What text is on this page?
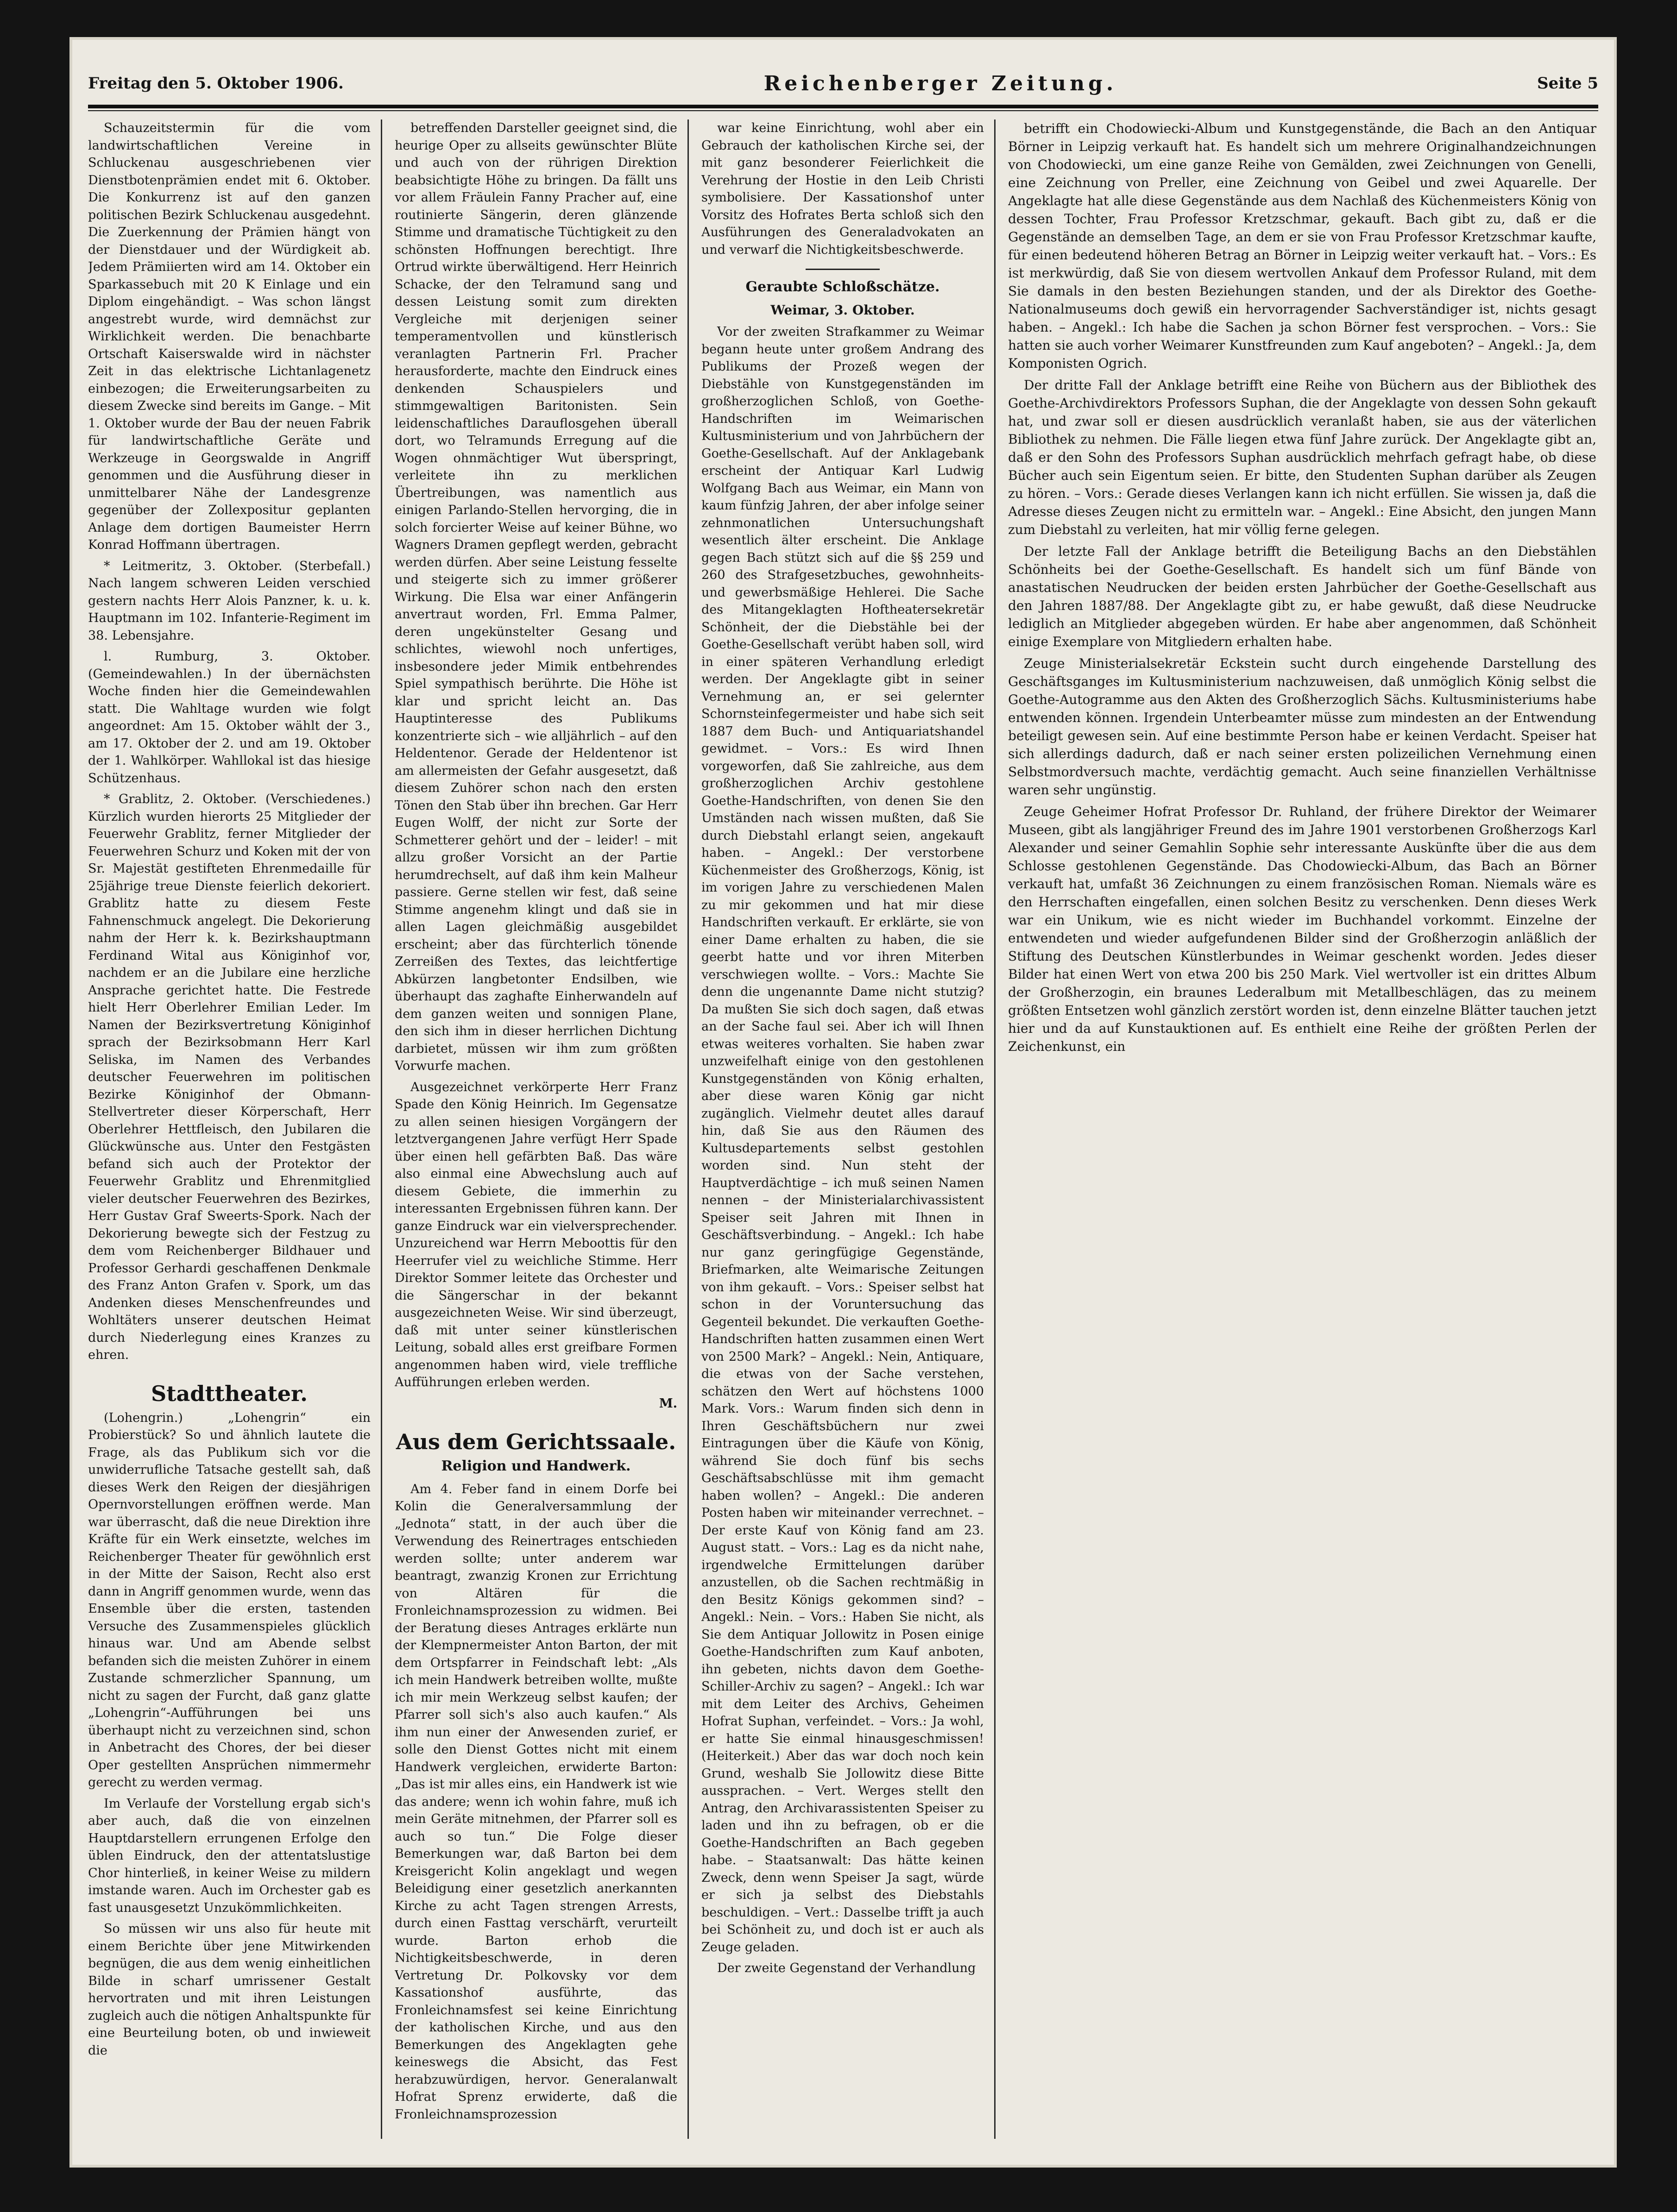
Freitag den 5. Oktober 1906.	Reichenberger Zeitung.	Seite 5

Schauzeitstermin für die vom landwirtschaftlichen Vereine in Schluckenau ausgeschriebenen vier Dienstbotenprämien endet mit 6. Oktober. Die Konkurrenz ist auf den ganzen politischen Bezirk Schluckenau ausgedehnt. Die Zuerkennung der Prämien hängt von der Dienstdauer und der Würdigkeit ab. Jedem Prämiierten wird am 14. Oktober ein Sparkassebuch mit 20 K Einlage und ein Diplom eingehändigt. – Was schon längst angestrebt wurde, wird demnächst zur Wirklichkeit werden. Die benachbarte Ortschaft Kaiserswalde wird in nächster Zeit in das elektrische Lichtanlagenetz einbezogen; die Erweiterungsarbeiten zu diesem Zwecke sind bereits im Gange. – Mit 1. Oktober wurde der Bau der neuen Fabrik für landwirtschaftliche Geräte und Werkzeuge in Georgswalde in Angriff genommen und die Ausführung dieser in unmittelbarer Nähe der Landesgrenze gegenüber der Zollexpositur geplanten Anlage dem dortigen Baumeister Herrn Konrad Hoffmann übertragen.

* Leitmeritz, 3. Oktober. (Sterbefall.) Nach langem schweren Leiden verschied gestern nachts Herr Alois Panzner, k. u. k. Hauptmann im 102. Infanterie-Regiment im 38. Lebensjahre.

l. Rumburg, 3. Oktober. (Gemeindewahlen.) In der übernächsten Woche finden hier die Gemeindewahlen statt. Die Wahltage wurden wie folgt angeordnet: Am 15. Oktober wählt der 3., am 17. Oktober der 2. und am 19. Oktober der 1. Wahlkörper. Wahllokal ist das hiesige Schützenhaus.

* Grablitz, 2. Oktober. (Verschiedenes.) Kürzlich wurden hierorts 25 Mitglieder der Feuerwehr Grablitz, ferner Mitglieder der Feuerwehren Schurz und Koken mit der von Sr. Majestät gestifteten Ehrenmedaille für 25jährige treue Dienste feierlich dekoriert. Grablitz hatte zu diesem Feste Fahnenschmuck angelegt. Die Dekorierung nahm der Herr k. k. Bezirkshauptmann Ferdinand Wital aus Königinhof vor, nachdem er an die Jubilare eine herzliche Ansprache gerichtet hatte. Die Festrede hielt Herr Oberlehrer Emilian Leder. Im Namen der Bezirksvertretung Königinhof sprach der Bezirksobmann Herr Karl Seliska, im Namen des Verbandes deutscher Feuerwehren im politischen Bezirke Königinhof der Obmann-Stellvertreter dieser Körperschaft, Herr Oberlehrer Hettfleisch, den Jubilaren die Glückwünsche aus. Unter den Festgästen befand sich auch der Protektor der Feuerwehr Grablitz und Ehrenmitglied vieler deutscher Feuerwehren des Bezirkes, Herr Gustav Graf Sweerts-Spork. Nach der Dekorierung bewegte sich der Festzug zu dem vom Reichenberger Bildhauer und Professor Gerhardi geschaffenen Denkmale des Franz Anton Grafen v. Spork, um das Andenken dieses Menschenfreundes und Wohltäters unserer deutschen Heimat durch Niederlegung eines Kranzes zu ehren.

Stadttheater.

(Lohengrin.) „Lohengrin“ ein Probierstück? So und ähnlich lautete die Frage, als das Publikum sich vor die unwiderrufliche Tatsache gestellt sah, daß dieses Werk den Reigen der diesjährigen Opernvorstellungen eröffnen werde. Man war überrascht, daß die neue Direktion ihre Kräfte für ein Werk einsetzte, welches im Reichenberger Theater für gewöhnlich erst in der Mitte der Saison, Recht also erst dann in Angriff genommen wurde, wenn das Ensemble über die ersten, tastenden Versuche des Zusammenspieles glücklich hinaus war. Und am Abende selbst befanden sich die meisten Zuhörer in einem Zustande schmerzlicher Spannung, um nicht zu sagen der Furcht, daß ganz glatte „Lohengrin“-Aufführungen bei uns überhaupt nicht zu verzeichnen sind, schon in Anbetracht des Chores, der bei dieser Oper gestellten Ansprüchen nimmermehr gerecht zu werden vermag.

Im Verlaufe der Vorstellung ergab sich's aber auch, daß die von einzelnen Hauptdarstellern errungenen Erfolge den üblen Eindruck, den der attentatslustige Chor hinterließ, in keiner Weise zu mildern imstande waren. Auch im Orchester gab es fast unausgesetzt Unzukömmlichkeiten.

So müssen wir uns also für heute mit einem Berichte über jene Mitwirkenden begnügen, die aus dem wenig einheitlichen Bilde in scharf umrissener Gestalt hervortraten und mit ihren Leistungen zugleich auch die nötigen Anhaltspunkte für eine Beurteilung boten, ob und inwieweit die

betreffenden Darsteller geeignet sind, die heurige Oper zu allseits gewünschter Blüte und auch von der rührigen Direktion beabsichtigte Höhe zu bringen. Da fällt uns vor allem Fräulein Fanny Pracher auf, eine routinierte Sängerin, deren glänzende Stimme und dramatische Tüchtigkeit zu den schönsten Hoffnungen berechtigt. Ihre Ortrud wirkte überwältigend. Herr Heinrich Schacke, der den Telramund sang und dessen Leistung somit zum direkten Vergleiche mit derjenigen seiner temperamentvollen und künstlerisch veranlagten Partnerin Frl. Pracher herausforderte, machte den Eindruck eines denkenden Schauspielers und stimmgewaltigen Baritonisten. Sein leidenschaftliches Darauflosgehen überall dort, wo Telramunds Erregung auf die Wogen ohnmächtiger Wut überspringt, verleitete ihn zu merklichen Übertreibungen, was namentlich aus einigen Parlando-Stellen hervorging, die in solch forcierter Weise auf keiner Bühne, wo Wagners Dramen gepflegt werden, gebracht werden dürfen. Aber seine Leistung fesselte und steigerte sich zu immer größerer Wirkung. Die Elsa war einer Anfängerin anvertraut worden, Frl. Emma Palmer, deren ungekünstelter Gesang und schlichtes, wiewohl noch unfertiges, insbesondere jeder Mimik entbehrendes Spiel sympathisch berührte. Die Höhe ist klar und spricht leicht an. Das Hauptinteresse des Publikums konzentrierte sich – wie alljährlich – auf den Heldentenor. Gerade der Heldentenor ist am allermeisten der Gefahr ausgesetzt, daß diesem Zuhörer schon nach den ersten Tönen den Stab über ihn brechen. Gar Herr Eugen Wolff, der nicht zur Sorte der Schmetterer gehört und der – leider! – mit allzu großer Vorsicht an der Partie herumdrechselt, auf daß ihm kein Malheur passiere. Gerne stellen wir fest, daß seine Stimme angenehm klingt und daß sie in allen Lagen gleichmäßig ausgebildet erscheint; aber das fürchterlich tönende Zerreißen des Textes, das leichtfertige Abkürzen langbetonter Endsilben, wie überhaupt das zaghafte Einherwandeln auf dem ganzen weiten und sonnigen Plane, den sich ihm in dieser herrlichen Dichtung darbietet, müssen wir ihm zum größten Vorwurfe machen.

Ausgezeichnet verkörperte Herr Franz Spade den König Heinrich. Im Gegensatze zu allen seinen hiesigen Vorgängern der letztvergangenen Jahre verfügt Herr Spade über einen hell gefärbten Baß. Das wäre also einmal eine Abwechslung auch auf diesem Gebiete, die immerhin zu interessanten Ergebnissen führen kann. Der ganze Eindruck war ein vielversprechender. Unzureichend war Herrn Meboottis für den Heerrufer viel zu weichliche Stimme. Herr Direktor Sommer leitete das Orchester und die Sängerschar in der bekannt ausgezeichneten Weise. Wir sind überzeugt, daß mit unter seiner künstlerischen Leitung, sobald alles erst greifbare Formen angenommen haben wird, viele treffliche Aufführungen erleben werden.

M.
Aus dem Gerichtssaale.
Religion und Handwerk.

Am 4. Feber fand in einem Dorfe bei Kolin die Generalversammlung der „Jednota“ statt, in der auch über die Verwendung des Reinertrages entschieden werden sollte; unter anderem war beantragt, zwanzig Kronen zur Errichtung von Altären für die Fronleichnamsprozession zu widmen. Bei der Beratung dieses Antrages erklärte nun der Klempnermeister Anton Barton, der mit dem Ortspfarrer in Feindschaft lebt: „Als ich mein Handwerk betreiben wollte, mußte ich mir mein Werkzeug selbst kaufen; der Pfarrer soll sich's also auch kaufen.“ Als ihm nun einer der Anwesenden zurief, er solle den Dienst Gottes nicht mit einem Handwerk vergleichen, erwiderte Barton: „Das ist mir alles eins, ein Handwerk ist wie das andere; wenn ich wohin fahre, muß ich mein Geräte mitnehmen, der Pfarrer soll es auch so tun.“ Die Folge dieser Bemerkungen war, daß Barton bei dem Kreisgericht Kolin angeklagt und wegen Beleidigung einer gesetzlich anerkannten Kirche zu acht Tagen strengen Arrests, durch einen Fasttag verschärft, verurteilt wurde. Barton erhob die Nichtigkeitsbeschwerde, in deren Vertretung Dr. Polkovsky vor dem Kassationshof ausführte, das Fronleichnamsfest sei keine Einrichtung der katholischen Kirche, und aus den Bemerkungen des Angeklagten gehe keineswegs die Absicht, das Fest herabzuwürdigen, hervor. Generalanwalt Hofrat Sprenz erwiderte, daß die Fronleichnamsprozession

war keine Einrichtung, wohl aber ein Gebrauch der katholischen Kirche sei, der mit ganz besonderer Feierlichkeit die Verehrung der Hostie in den Leib Christi symbolisiere. Der Kassationshof unter Vorsitz des Hofrates Berta schloß sich den Ausführungen des Generaladvokaten an und verwarf die Nichtigkeitsbeschwerde.

Geraubte Schloßschätze.
Weimar, 3. Oktober.

Vor der zweiten Strafkammer zu Weimar begann heute unter großem Andrang des Publikums der Prozeß wegen der Diebstähle von Kunstgegenständen im großherzoglichen Schloß, von Goethe-Handschriften im Weimarischen Kultusministerium und von Jahrbüchern der Goethe-Gesellschaft. Auf der Anklagebank erscheint der Antiquar Karl Ludwig Wolfgang Bach aus Weimar, ein Mann von kaum fünfzig Jahren, der aber infolge seiner zehnmonatlichen Untersuchungshaft wesentlich älter erscheint. Die Anklage gegen Bach stützt sich auf die §§ 259 und 260 des Strafgesetzbuches, gewohnheits- und gewerbsmäßige Hehlerei. Die Sache des Mitangeklagten Hoftheatersekretär Schönheit, der die Diebstähle bei der Goethe-Gesellschaft verübt haben soll, wird in einer späteren Verhandlung erledigt werden. Der Angeklagte gibt in seiner Vernehmung an, er sei gelernter Schornsteinfegermeister und habe sich seit 1887 dem Buch- und Antiquariatshandel gewidmet. – Vors.: Es wird Ihnen vorgeworfen, daß Sie zahlreiche, aus dem großherzoglichen Archiv gestohlene Goethe-Handschriften, von denen Sie den Umständen nach wissen mußten, daß Sie durch Diebstahl erlangt seien, angekauft haben. – Angekl.: Der verstorbene Küchenmeister des Großherzogs, König, ist im vorigen Jahre zu verschiedenen Malen zu mir gekommen und hat mir diese Handschriften verkauft. Er erklärte, sie von einer Dame erhalten zu haben, die sie geerbt hatte und vor ihren Miterben verschwiegen wollte. – Vors.: Machte Sie denn die ungenannte Dame nicht stutzig? Da mußten Sie sich doch sagen, daß etwas an der Sache faul sei. Aber ich will Ihnen etwas weiteres vorhalten. Sie haben zwar unzweifelhaft einige von den gestohlenen Kunstgegenständen von König erhalten, aber diese waren König gar nicht zugänglich. Vielmehr deutet alles darauf hin, daß Sie aus den Räumen des Kultusdepartements selbst gestohlen worden sind. Nun steht der Hauptverdächtige – ich muß seinen Namen nennen – der Ministerialarchivassistent Speiser seit Jahren mit Ihnen in Geschäftsverbindung. – Angekl.: Ich habe nur ganz geringfügige Gegenstände, Briefmarken, alte Weimarische Zeitungen von ihm gekauft. – Vors.: Speiser selbst hat schon in der Voruntersuchung das Gegenteil bekundet. Die verkauften Goethe-Handschriften hatten zusammen einen Wert von 2500 Mark? – Angekl.: Nein, Antiquare, die etwas von der Sache verstehen, schätzen den Wert auf höchstens 1000 Mark. Vors.: Warum finden sich denn in Ihren Geschäftsbüchern nur zwei Eintragungen über die Käufe von König, während Sie doch fünf bis sechs Geschäftsabschlüsse mit ihm gemacht haben wollen? – Angekl.: Die anderen Posten haben wir miteinander verrechnet. – Der erste Kauf von König fand am 23. August statt. – Vors.: Lag es da nicht nahe, irgendwelche Ermittelungen darüber anzustellen, ob die Sachen rechtmäßig in den Besitz Königs gekommen sind? – Angekl.: Nein. – Vors.: Haben Sie nicht, als Sie dem Antiquar Jollowitz in Posen einige Goethe-Handschriften zum Kauf anboten, ihn gebeten, nichts davon dem Goethe-Schiller-Archiv zu sagen? – Angekl.: Ich war mit dem Leiter des Archivs, Geheimen Hofrat Suphan, verfeindet. – Vors.: Ja wohl, er hatte Sie einmal hinausgeschmissen! (Heiterkeit.) Aber das war doch noch kein Grund, weshalb Sie Jollowitz diese Bitte aussprachen. – Vert. Werges stellt den Antrag, den Archivarassistenten Speiser zu laden und ihn zu befragen, ob er die Goethe-Handschriften an Bach gegeben habe. – Staatsanwalt: Das hätte keinen Zweck, denn wenn Speiser Ja sagt, würde er sich ja selbst des Diebstahls beschuldigen. – Vert.: Dasselbe trifft ja auch bei Schönheit zu, und doch ist er auch als Zeuge geladen.

Der zweite Gegenstand der Verhandlung

betrifft ein Chodowiecki-Album und Kunstgegenstände, die Bach an den Antiquar Börner in Leipzig verkauft hat. Es handelt sich um mehrere Originalhandzeichnungen von Chodowiecki, um eine ganze Reihe von Gemälden, zwei Zeichnungen von Genelli, eine Zeichnung von Preller, eine Zeichnung von Geibel und zwei Aquarelle. Der Angeklagte hat alle diese Gegenstände aus dem Nachlaß des Küchenmeisters König von dessen Tochter, Frau Professor Kretzschmar, gekauft. Bach gibt zu, daß er die Gegenstände an demselben Tage, an dem er sie von Frau Professor Kretzschmar kaufte, für einen bedeutend höheren Betrag an Börner in Leipzig weiter verkauft hat. – Vors.: Es ist merkwürdig, daß Sie von diesem wertvollen Ankauf dem Professor Ruland, mit dem Sie damals in den besten Beziehungen standen, und der als Direktor des Goethe-Nationalmuseums doch gewiß ein hervorragender Sachverständiger ist, nichts gesagt haben. – Angekl.: Ich habe die Sachen ja schon Börner fest versprochen. – Vors.: Sie hatten sie auch vorher Weimarer Kunstfreunden zum Kauf angeboten? – Angekl.: Ja, dem Komponisten Ogrich.

Der dritte Fall der Anklage betrifft eine Reihe von Büchern aus der Bibliothek des Goethe-Archivdirektors Professors Suphan, die der Angeklagte von dessen Sohn gekauft hat, und zwar soll er diesen ausdrücklich veranlaßt haben, sie aus der väterlichen Bibliothek zu nehmen. Die Fälle liegen etwa fünf Jahre zurück. Der Angeklagte gibt an, daß er den Sohn des Professors Suphan ausdrücklich mehrfach gefragt habe, ob diese Bücher auch sein Eigentum seien. Er bitte, den Studenten Suphan darüber als Zeugen zu hören. – Vors.: Gerade dieses Verlangen kann ich nicht erfüllen. Sie wissen ja, daß die Adresse dieses Zeugen nicht zu ermitteln war. – Angekl.: Eine Absicht, den jungen Mann zum Diebstahl zu verleiten, hat mir völlig ferne gelegen.

Der letzte Fall der Anklage betrifft die Beteiligung Bachs an den Diebstählen Schönheits bei der Goethe-Gesellschaft. Es handelt sich um fünf Bände von anastatischen Neudrucken der beiden ersten Jahrbücher der Goethe-Gesellschaft aus den Jahren 1887/88. Der Angeklagte gibt zu, er habe gewußt, daß diese Neudrucke lediglich an Mitglieder abgegeben würden. Er habe aber angenommen, daß Schönheit einige Exemplare von Mitgliedern erhalten habe.

Zeuge Ministerialsekretär Eckstein sucht durch eingehende Darstellung des Geschäftsganges im Kultusministerium nachzuweisen, daß unmöglich König selbst die Goethe-Autogramme aus den Akten des Großherzoglich Sächs. Kultusministeriums habe entwenden können. Irgendein Unterbeamter müsse zum mindesten an der Entwendung beteiligt gewesen sein. Auf eine bestimmte Person habe er keinen Verdacht. Speiser hat sich allerdings dadurch, daß er nach seiner ersten polizeilichen Vernehmung einen Selbstmordversuch machte, verdächtig gemacht. Auch seine finanziellen Verhältnisse waren sehr ungünstig.

Zeuge Geheimer Hofrat Professor Dr. Ruhland, der frühere Direktor der Weimarer Museen, gibt als langjähriger Freund des im Jahre 1901 verstorbenen Großherzogs Karl Alexander und seiner Gemahlin Sophie sehr interessante Auskünfte über die aus dem Schlosse gestohlenen Gegenstände. Das Chodowiecki-Album, das Bach an Börner verkauft hat, umfaßt 36 Zeichnungen zu einem französischen Roman. Niemals wäre es den Herrschaften eingefallen, einen solchen Besitz zu verschenken. Denn dieses Werk war ein Unikum, wie es nicht wieder im Buchhandel vorkommt. Einzelne der entwendeten und wieder aufgefundenen Bilder sind der Großherzogin anläßlich der Stiftung des Deutschen Künstlerbundes in Weimar geschenkt worden. Jedes dieser Bilder hat einen Wert von etwa 200 bis 250 Mark. Viel wertvoller ist ein drittes Album der Großherzogin, ein braunes Lederalbum mit Metallbeschlägen, das zu meinem größten Entsetzen wohl gänzlich zerstört worden ist, denn einzelne Blätter tauchen jetzt hier und da auf Kunstauktionen auf. Es enthielt eine Reihe der größten Perlen der Zeichenkunst, ein
